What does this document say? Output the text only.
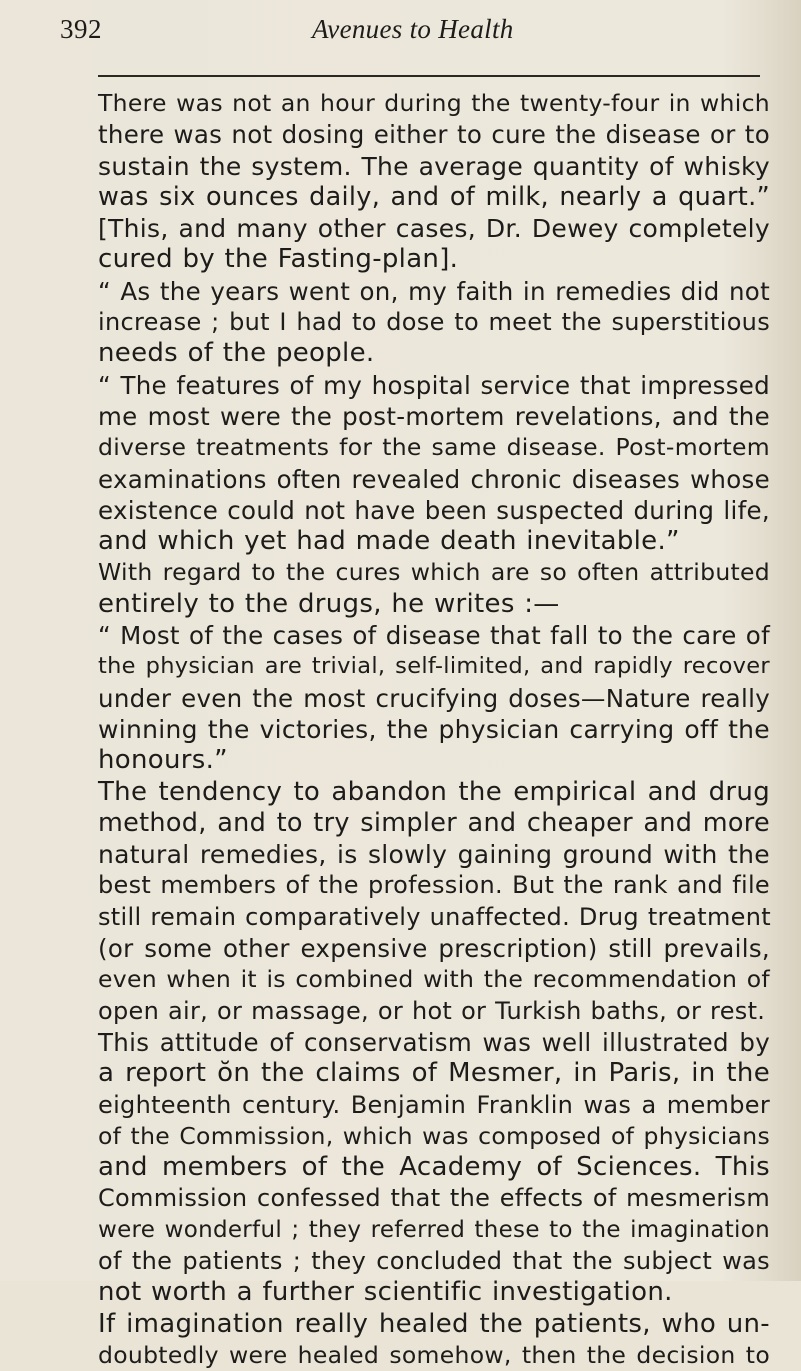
392	Avenues to Health
There was not an hour during the twenty-four in which
there was not dosing either to cure the disease or to
sustain the system. The average quantity of whisky
was six ounces daily, and of milk, nearly a quart.”
[This, and many other cases, Dr. Dewey completely
cured by the Fasting-plan].
“ As the years went on, my faith in remedies did not
increase ; but I had to dose to meet the superstitious
needs of the people.
“ The features of my hospital service that impressed
me most were the post-mortem revelations, and the
diverse treatments for the same disease. Post-mortem
examinations often revealed chronic diseases whose
existence could not have been suspected during life,
and which yet had made death inevitable.”
With regard to the cures which are so often attributed
entirely to the drugs, he writes :—
“ Most of the cases of disease that fall to the care of
the physician are trivial, self-limited, and rapidly recover
under even the most crucifying doses—Nature really
winning the victories, the physician carrying off the
honours.”
The tendency to abandon the empirical and drug
method, and to try simpler and cheaper and more
natural remedies, is slowly gaining ground with the
best members of the profession. But the rank and file
still remain comparatively unaffected. Drug treatment
(or some other expensive prescription) still prevails,
even when it is combined with the recommendation of
open air, or massage, or hot or Turkish baths, or rest.
This attitude of conservatism was well illustrated by
a report ŏn the claims of Mesmer, in Paris, in the
eighteenth century. Benjamin Franklin was a member
of the Commission, which was composed of physicians
and members of the Academy of Sciences. This
Commission confessed that the effects of mesmerism
were wonderful ; they referred these to the imagination
of the patients ; they concluded that the subject was
not worth a further scientific investigation.
If imagination really healed the patients, who un-
doubtedly were healed somehow, then the decision to
